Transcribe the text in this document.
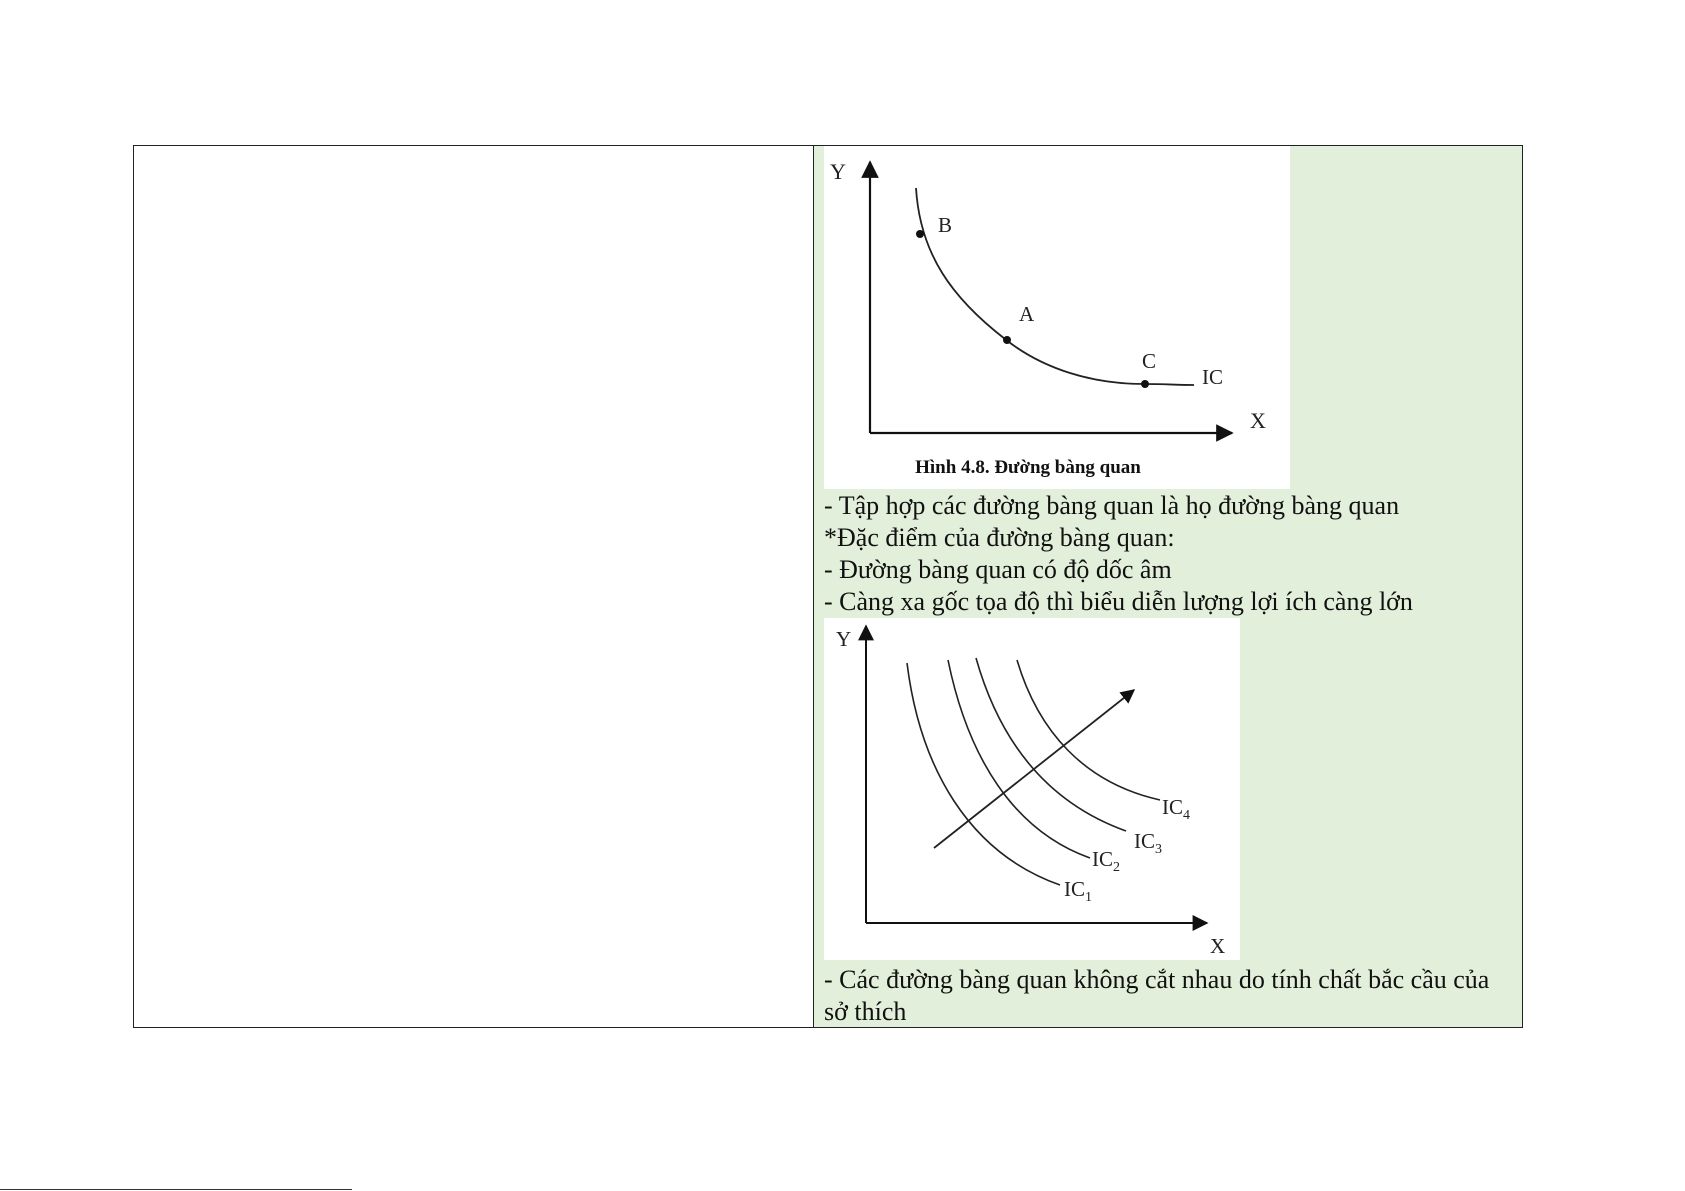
Y
X
B
A
C
IC
Hình 4.8. Đường bàng quan
- Tập hợp các đường bàng quan là họ đường bàng quan
*Đặc điểm của đường bàng quan:
- Đường bàng quan có độ dốc âm
- Càng xa gốc tọa độ thì biểu diễn lượng lợi ích càng lớn
Y
X
$IC_1$
$IC_2$
$IC_3$
$IC_4$
- Các đường bàng quan không cắt nhau do tính chất bắc cầu của sở thích
